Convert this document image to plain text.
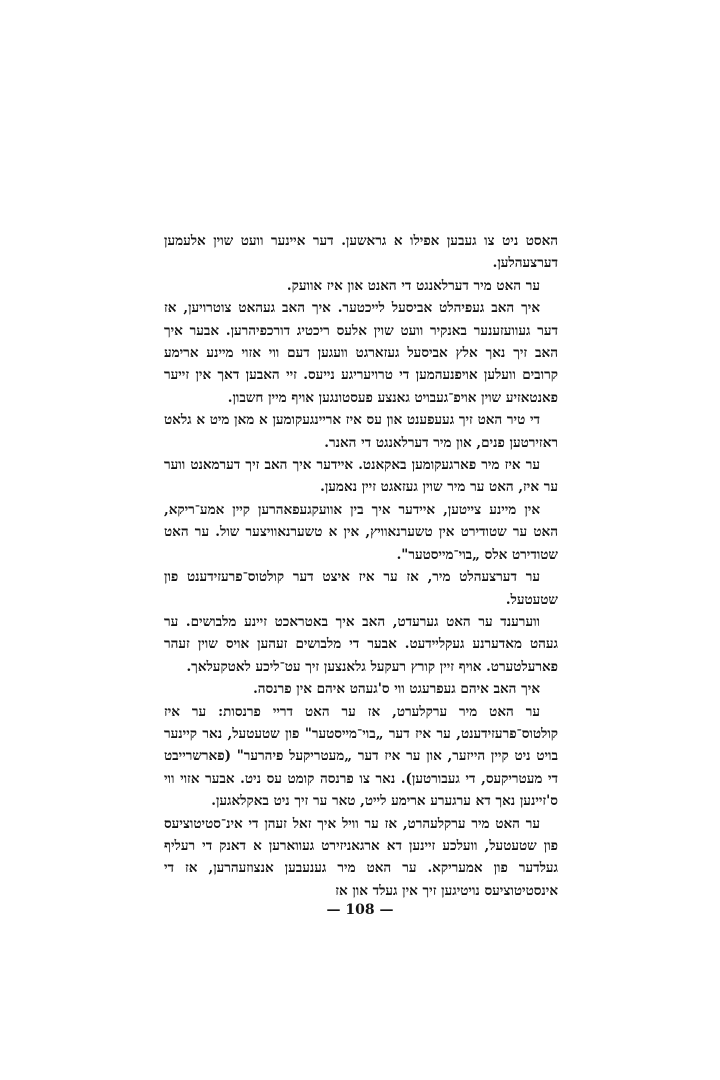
האסט ניט צו געבען אפילו א גראשען. דער איינער וועט שוין אלעמען דערצעהלען.

ער האט מיר דערלאנגט די האנט און איז אוועק.

איך האב געפיהלט אביסעל לייכטער. איך האב געהאט צוטרויען, אז דער געוועזענער באנקיר וועט שוין אלעס ריכטיג דורכפיהרען. אבער איך האב זיך נאך אלץ אביסעל געזארגט וועגען דעם ווי אזוי מיינע ארימע קרובים וועלען אויפנעהמען די טרויעריגע נייעס. זיי האבען דאך אין זייער פאנטאזיע שוין אויפ־געבויט גאנצע פעסטונגען אויף מיין חשבון.

די טיר האט זיך געעפענט און עס איז אריינגעקומען א מאן מיט א גלאט ראזירטען פנים, און מיר דערלאנגט די האנר.

ער איז מיר פארגעקומען באקאנט. איידער איך האב זיך דערמאנט ווער ער איז, האט ער מיר שוין געזאגט זיין נאמען.

אין מיינע צייטען, איידער איך בין אוועקגעפאהרען קיין אמע־ריקא, האט ער שטודירט אין טשערנאוויץ, אין א טשערנאוויצער שול. ער האט שטודירט אלס „בוי־מייסטער".

ער דערצעהלט מיר, אז ער איז איצט דער קולטוס־פרעזידענט פון שטעטעל.

ווערענד ער האט גערעדט, האב איך באטראכט זיינע מלבושים. ער געהט מאדערנע געקליידעט. אבער די מלבושים זעהען אויס שוין זעהר פארעלטערט. אויף זיין קורץ רעקעל גלאנצען זיך עט־ליכע לאטקעלאך.

איך האב איהם געפרעגט ווי ס'געהט איהם אין פרנסה.

ער האט מיר ערקלערט, אז ער האט דריי פרנסות: ער איז קולטוס־פרעזידענט, ער איז דער „בוי־מייסטער" פון שטעטעל, נאר קיינער בויט ניט קיין הייזער, און ער איז דער „מעטריקעל פיהרער" (פארשרייבט די מעטריקעס, די געבורטען). נאר צו פרנסה קומט עס ניט. אבער אזוי ווי ס'זיינען נאך דא ערגערע ארימע לייט, טאר ער זיך ניט באקלאגען.

ער האט מיר ערקלעהרט, אז ער וויל איך זאל זעהן די אינ־סטיטוציעס פון שטעטעל, וועלכע זיינען דא ארגאניזירט געווארען א דאנק די רעליף געלדער פון אמעריקא. ער האט מיר גענעבען אנצוזעהרען, אז די אינסטיטוציעס נויטיגען זיך אין געלד און אז

— 108 —
